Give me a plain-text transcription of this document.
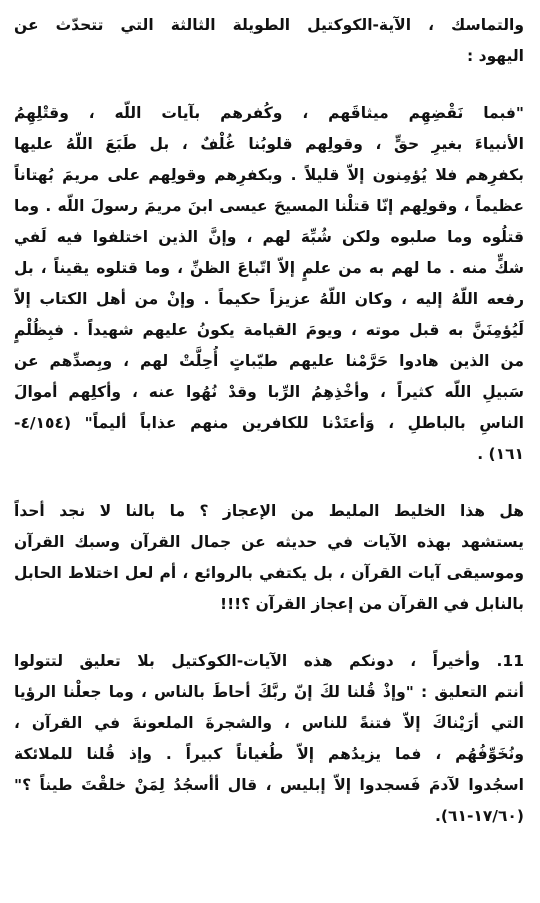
والتماسك ، الآية-الكوكتيل الطويلة الثالثة التي تتحدّث عن
اليهود :
"فبما نَقْضِهِم ميثاقَهم ، وكُفرهم بآيات اللّه ، وقتْلِهِمُ
الأنبياءَ بغيرِ حقٍّ ، وقولِهم قلوبُنا غُلْفٌ ، بل طَبَعَ اللّهُ عليها
بكفرِهم فلا يُؤمِنون إلاّ قليلاً . وبكفرِهم وقولِهم على مريمَ بُهتاناً
عظيماً ، وقولِهم إنّا قتلْنا المسيحَ عيسى ابنَ مريمَ رسولَ اللّه . وما
قتلُوه وما صلبوه ولكن شُبِّهَ لهم ، وإنَّ الذين اختلفوا فيه لَفي
شكٍّ منه . ما لهم به من علمٍ إلاّ اتّباعَ الظنِّ ، وما قتلوه يقيناً ، بل
رفعه اللّهُ إليه ، وكان اللّهُ عزيزاً حكيماً . وإنْ من أهل الكتاب إلاّ
لَيُؤمِنَنَّ به قبل موته ، ويومَ القيامة يكونُ عليهم شهيداً . فبِظُلْمٍ
من الذين هادوا حَرَّمْنا عليهم طيّباتٍ أُحِلَّتْ لهم ، وبِصدِّهم عن
سَبيلِ اللّه كثيراً ، وأخْذِهِمُ الرِّبا وقدْ نُهُوا عنه ، وأكلِهم أموالَ
الناسِ بالباطلِ ، وَأعتَدْنا للكافرين منهم عذاباً أليماً" (٤/١٥٤-
١٦١) .
هل هذا الخليط المليط من الإعجاز ؟ ما بالنا لا نجد أحداً
يستشهد بهذه الآيات في حديثه عن جمال القرآن وسبك القرآن
وموسيقى آيات القرآن ، بل يكتفي بالروائع ، أم لعل اختلاط الحابل
بالنابل في القرآن من إعجاز القرآن ؟!!!
11. وأخيراً ، دونكم هذه الآيات-الكوكتيل بلا تعليق لتتولوا
أنتم التعليق : "وإذْ قُلنا لكَ إنّ ربَّكَ أحاطَ بالناس ، وما جعلْنا الرؤيا
التي أرَيْناكَ إلاّ فتنةً للناس ، والشجرةَ الملعونةَ في القرآن ،
ونُخَوِّفُهُم ، فما يزيدُهم إلاّ طُغياناً كبيراً . وإذ قُلنا للملائكة
اسجُدوا لآدمَ فَسجدوا إلاّ إبليس ، قال أأسجُدُ لِمَنْ خلقْتَ طيناً ؟"
(١٧/٦٠-٦١).
